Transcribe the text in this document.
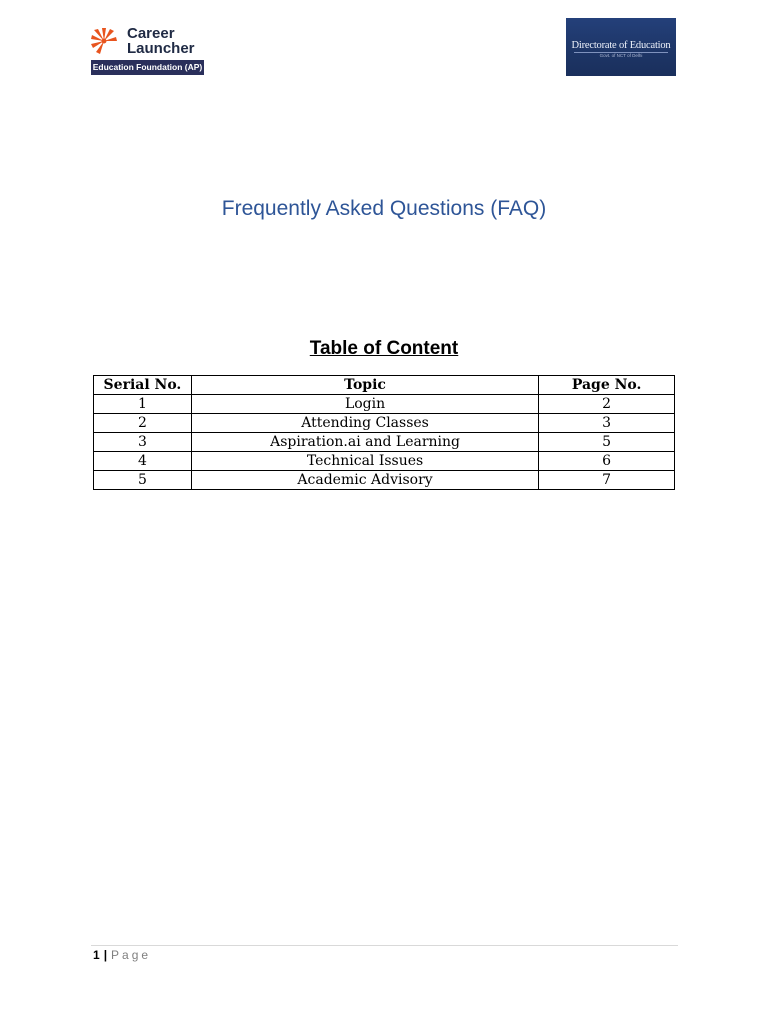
Career
Launcher
Education Foundation (AP)
Directorate of Education
Govt. of NCT of Delhi
Frequently Asked Questions (FAQ)
Table of Content
Serial No.	Topic	Page No.
1	Login	2
2	Attending Classes	3
3	Aspiration.ai and Learning	5
4	Technical Issues	6
5	Academic Advisory	7
1 | Page
